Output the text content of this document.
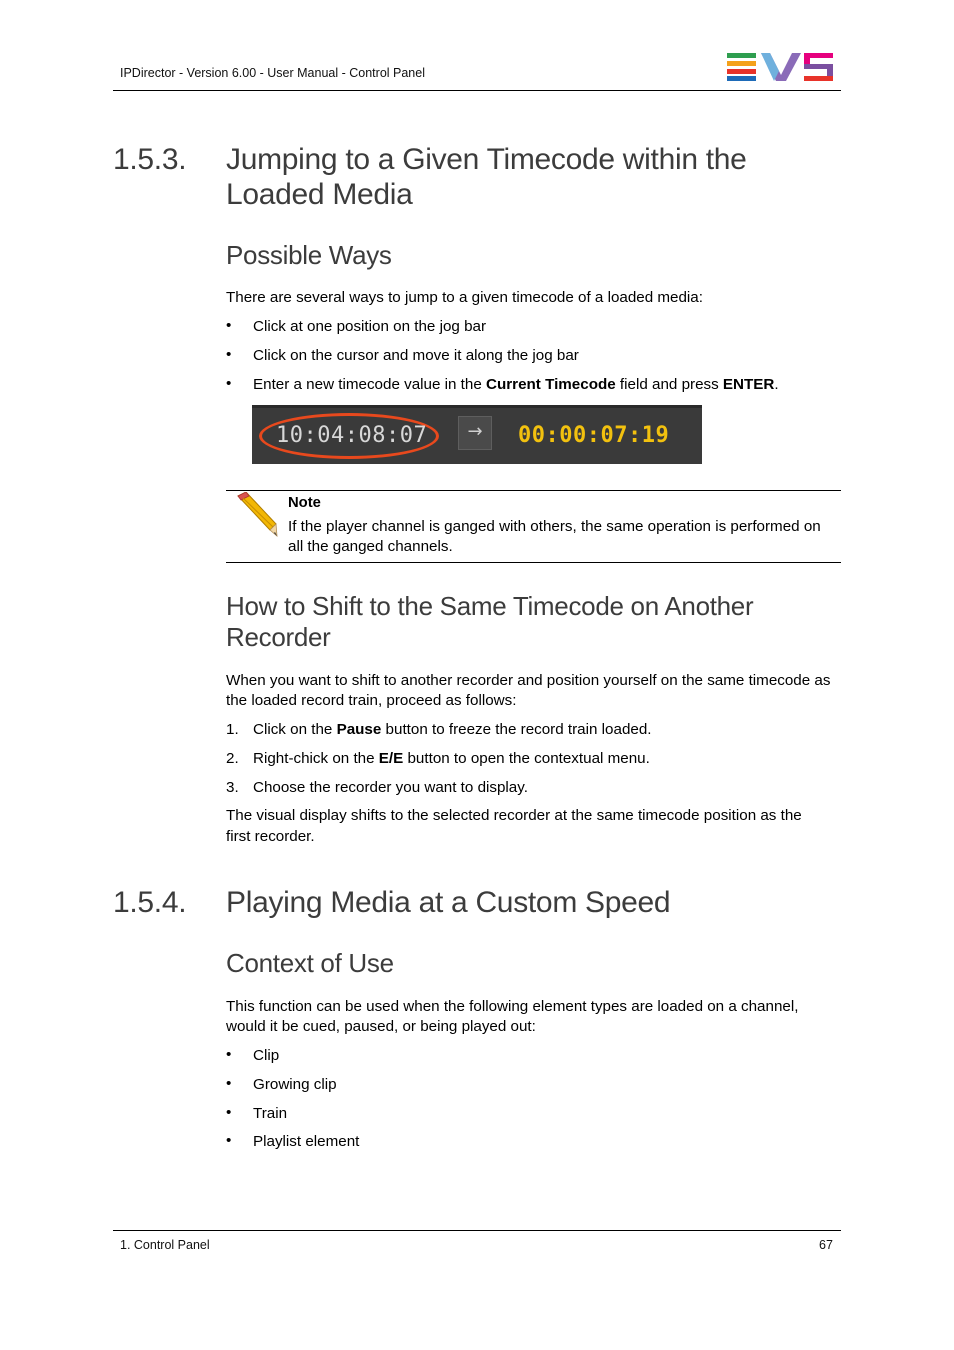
IPDirector - Version 6.00 - User Manual - Control Panel
1.5.3. Jumping to a Given Timecode within the
Loaded Media
Possible Ways
There are several ways to jump to a given timecode of a loaded media:
• Click at one position on the jog bar
• Click on the cursor and move it along the jog bar
• Enter a new timecode value in the Current Timecode field and press ENTER.
10:04:08:07	→	00:00:07:19
Note
If the player channel is ganged with others, the same operation is performed on
all the ganged channels.
How to Shift to the Same Timecode on Another
Recorder
When you want to shift to another recorder and position yourself on the same timecode as
the loaded record train, proceed as follows:
1. Click on the Pause button to freeze the record train loaded.
2. Right-chick on the E/E button to open the contextual menu.
3. Choose the recorder you want to display.
The visual display shifts to the selected recorder at the same timecode position as the
first recorder.
1.5.4. Playing Media at a Custom Speed
Context of Use
This function can be used when the following element types are loaded on a channel,
would it be cued, paused, or being played out:
• Clip
• Growing clip
• Train
• Playlist element
1. Control Panel	67
